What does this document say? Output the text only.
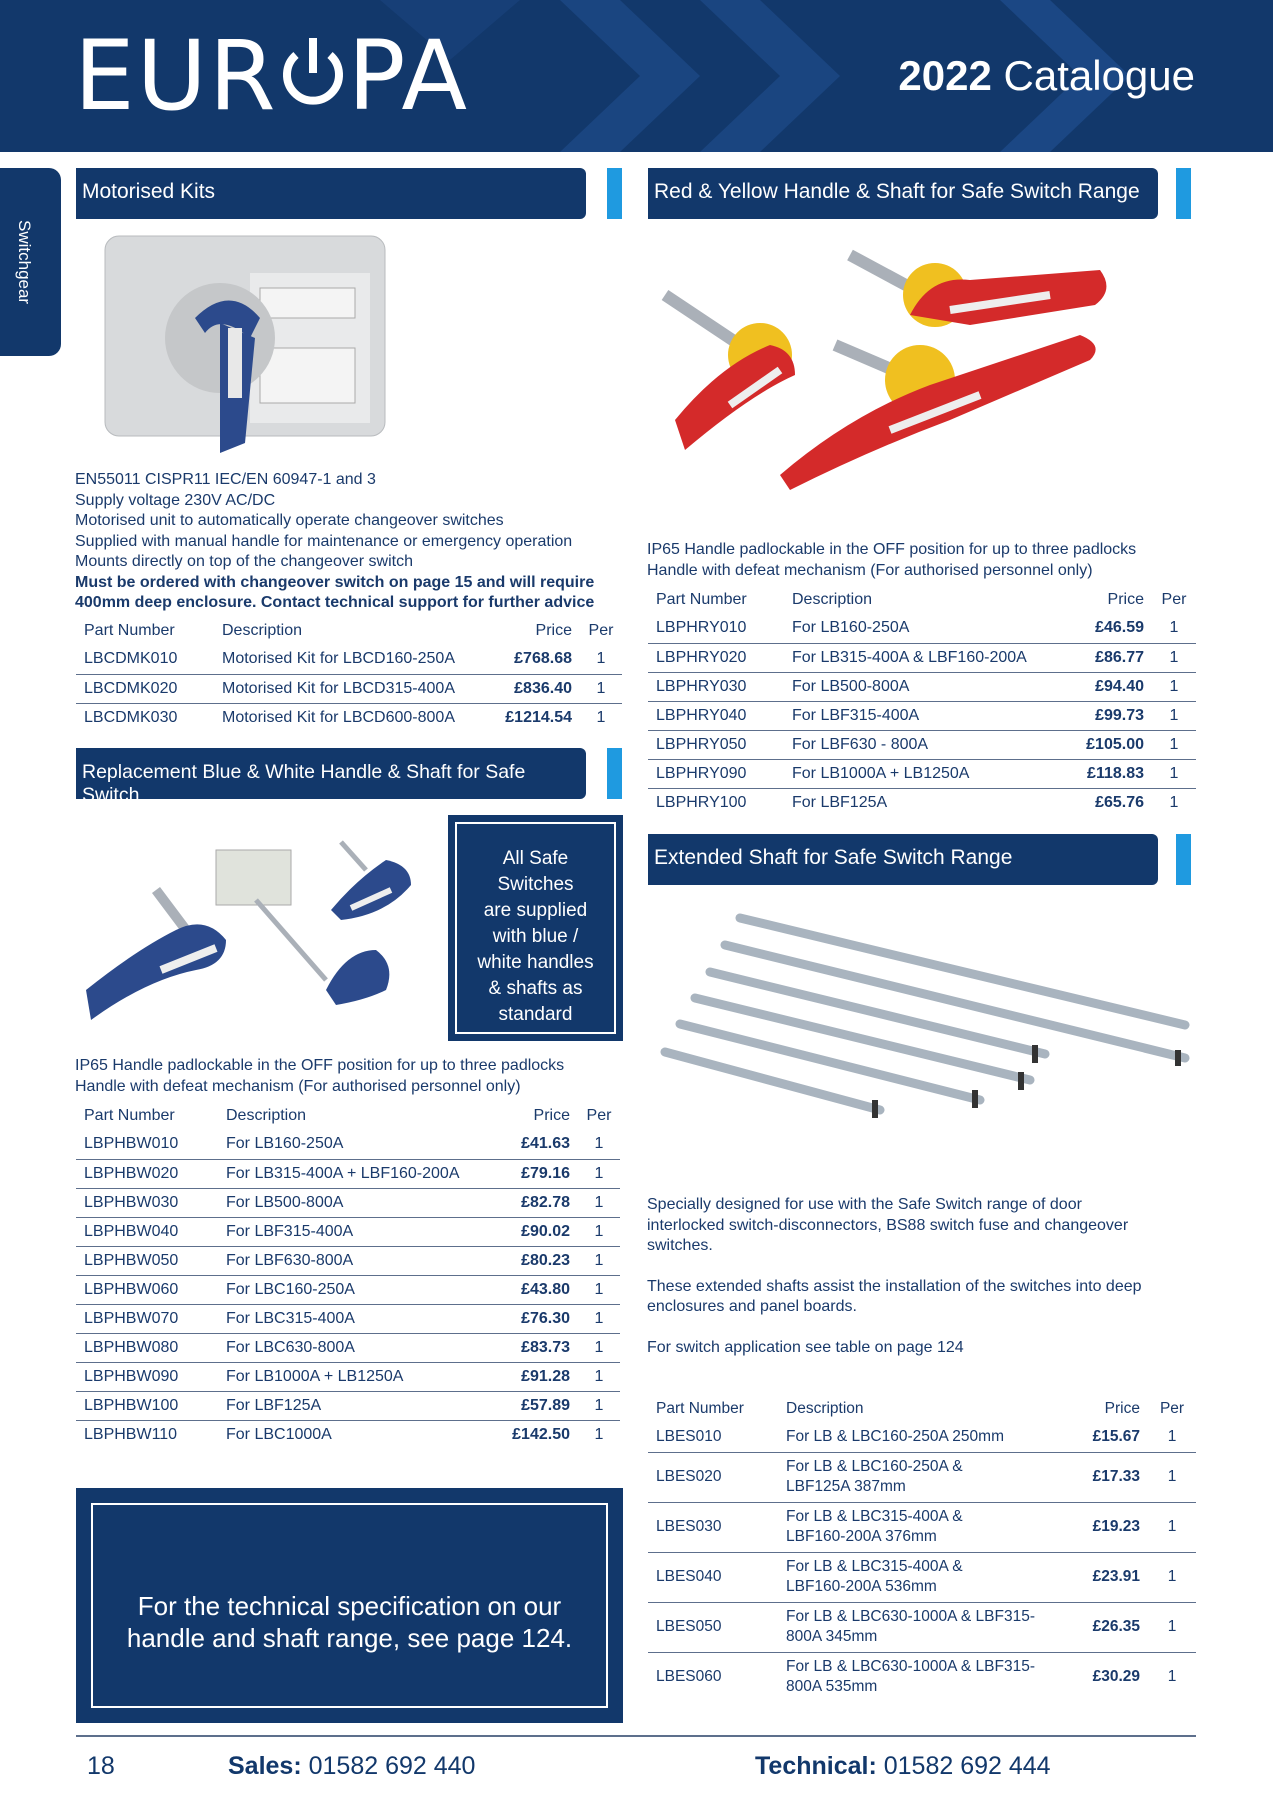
EUR PA	2022 Catalogue
Switchgear
Motorised Kits
EN55011 CISPR11 IEC/EN 60947-1 and 3
Supply voltage 230V AC/DC
Motorised unit to automatically operate changeover switches
Supplied with manual handle for maintenance or emergency operation
Mounts directly on top of the changeover switch
Must be ordered with changeover switch on page 15 and will require
400mm deep enclosure. Contact technical support for further advice
Part Number	Description	Price	Per
LBCDMK010	Motorised Kit for LBCD160-250A	£768.68	1
LBCDMK020	Motorised Kit for LBCD315-400A	£836.40	1
LBCDMK030	Motorised Kit for LBCD600-800A	£1214.54	1
Replacement Blue & White Handle & Shaft for Safe Switch
All Safe
Switches
are supplied
with blue /
white handles
& shafts as
standard
IP65 Handle padlockable in the OFF position for up to three padlocks
Handle with defeat mechanism (For authorised personnel only)
Part Number	Description	Price	Per
LBPHBW010	For LB160-250A	£41.63	1
LBPHBW020	For LB315-400A + LBF160-200A	£79.16	1
LBPHBW030	For LB500-800A	£82.78	1
LBPHBW040	For LBF315-400A	£90.02	1
LBPHBW050	For LBF630-800A	£80.23	1
LBPHBW060	For LBC160-250A	£43.80	1
LBPHBW070	For LBC315-400A	£76.30	1
LBPHBW080	For LBC630-800A	£83.73	1
LBPHBW090	For LB1000A + LB1250A	£91.28	1
LBPHBW100	For LBF125A	£57.89	1
LBPHBW110	For LBC1000A	£142.50	1
For the technical specification on our
handle and shaft range, see page 124.
Red & Yellow Handle & Shaft for Safe Switch Range
IP65 Handle padlockable in the OFF position for up to three padlocks
Handle with defeat mechanism (For authorised personnel only)
Part Number	Description	Price	Per
LBPHRY010	For LB160-250A	£46.59	1
LBPHRY020	For LB315-400A & LBF160-200A	£86.77	1
LBPHRY030	For LB500-800A	£94.40	1
LBPHRY040	For LBF315-400A	£99.73	1
LBPHRY050	For LBF630 - 800A	£105.00	1
LBPHRY090	For LB1000A + LB1250A	£118.83	1
LBPHRY100	For LBF125A	£65.76	1
Extended Shaft for Safe Switch Range
Specially designed for use with the Safe Switch range of door
interlocked switch-disconnectors, BS88 switch fuse and changeover
switches.
These extended shafts assist the installation of the switches into deep
enclosures and panel boards.
For switch application see table on page 124
Part Number	Description	Price	Per
LBES010	For LB & LBC160-250A 250mm	£15.67	1
LBES020	For LB & LBC160-250A &
LBF125A 387mm	£17.33	1
LBES030	For LB & LBC315-400A &
LBF160-200A 376mm	£19.23	1
LBES040	For LB & LBC315-400A &
LBF160-200A 536mm	£23.91	1
LBES050	For LB & LBC630-1000A & LBF315-
800A 345mm	£26.35	1
LBES060	For LB & LBC630-1000A & LBF315-
800A 535mm	£30.29	1
18	Sales: 01582 692 440	Technical: 01582 692 444
